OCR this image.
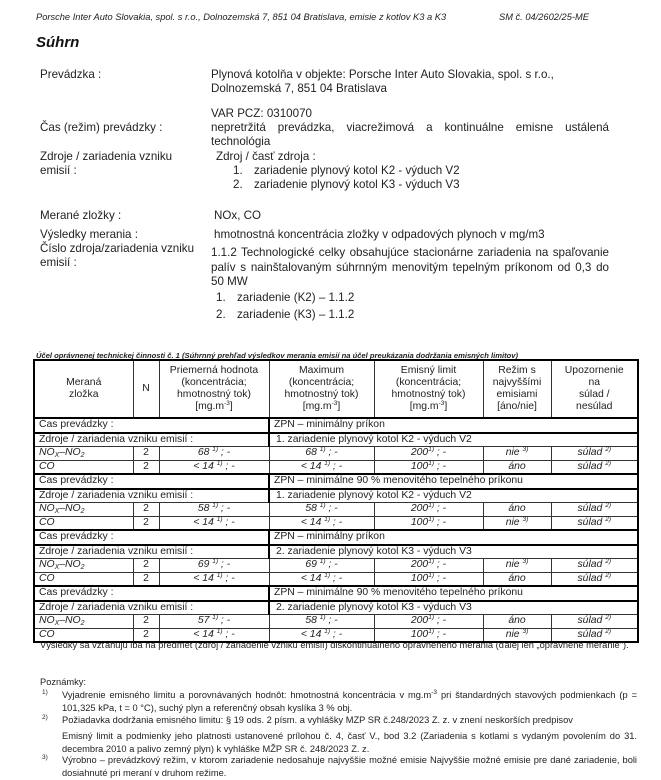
Porsche Inter Auto Slovakia, spol. s r.o., Dolnozemská 7, 851 04 Bratislava, emisie z kotlov K3 a K3	SM č. 04/2602/25-ME
Súhrn
Prevádzka :	Plynová kotolňa v objekte: Porsche Inter Auto Slovakia, spol. s r.o.,
Dolnozemská 7, 851 04 Bratislava
VAR PCZ: 0310070
Čas (režim) prevádzky :	nepretržitá prevádzka, viacrežimová a kontinuálne emisne ustálená technológia
Zdroje / zariadenia vzniku
emisií :
Zdroj / časť zdroja :
1. zariadenie plynový kotol K2 - výduch V2
2. zariadenie plynový kotol K3 - výduch V3
Merané zložky :	NOx, CO
Výsledky merania :	hmotnostná koncentrácia zložky v odpadových plynoch v mg/m3
Číslo zdroja/zariadenia vzniku
emisií :
1.1.2 Technologické celky obsahujúce stacionárne zariadenia na spaľovanie palív s nainštalovaným súhrnným menovitým tepelným príkonom od 0,3 do 50 MW
1. zariadenie (K2) – 1.1.2
2. zariadenie (K3) – 1.1.2
Účel oprávnenej technickej činnosti č. 1 (Súhrnný prehľad výsledkov merania emisií na účel preukázania dodržania emisných limitov)
Meraná
zložka	N	Priemerná hodnota
(koncentrácia;
hmotnostný tok)
$[mg.m^{-3}]$	Maximum
(koncentrácia;
hmotnostný tok)
$[mg.m^{-3}]$	Emisný limit
(koncentrácia;
hmotnostný tok)
$[mg.m^{-3}]$	Režim s
najvyššími
emisiami
[áno/nie]	Upozornenie
na
súlad /
nesúlad
Čas prevádzky :			ZPN – minimálny príkon			
Zdroje / zariadenia vzniku emisií :			1. zariadenie plynový kotol K2 - výduch V2			
$NO_X-NO_2$	2	68 $^{1)}$ ; -	68 $^{1)}$ ; -	200$^{1)}$ ; -	nie $^{3)}$	súlad $^{2)}$
CO	2	< 14 $^{1)}$ ; -	< 14 $^{1)}$ ; -	100$^{1)}$ ; -	áno	súlad $^{2)}$
Čas prevádzky :			ZPN – minimálne 90 % menovitého tepelného príkonu			
Zdroje / zariadenia vzniku emisií :			1. zariadenie plynový kotol K2 - výduch V2			
$NO_X-NO_2$	2	58 $^{1)}$ ; -	58 $^{1)}$ ; -	200$^{1)}$ ; -	áno	súlad $^{2)}$
CO	2	< 14 $^{1)}$ ; -	< 14 $^{1)}$ ; -	100$^{1)}$ ; -	nie $^{3)}$	súlad $^{2)}$
Čas prevádzky :			ZPN – minimálny príkon			
Zdroje / zariadenia vzniku emisií :			2. zariadenie plynový kotol K3 - výduch V3			
$NO_X-NO_2$	2	69 $^{1)}$ ; -	69 $^{1)}$ ; -	200$^{1)}$ ; -	nie $^{3)}$	súlad $^{2)}$
CO	2	< 14 $^{1)}$ ; -	< 14 $^{1)}$ ; -	100$^{1)}$ ; -	áno	súlad $^{2)}$
Čas prevádzky :			ZPN – minimálne 90 % menovitého tepelného príkonu			
Zdroje / zariadenia vzniku emisií :			2. zariadenie plynový kotol K3 - výduch V3			
$NO_X-NO_2$	2	57 $^{1)}$ ; -	58 $^{1)}$ ; -	200$^{1)}$ ; -	áno	súlad $^{2)}$
CO	2	< 14 $^{1)}$ ; -	< 14 $^{1)}$ ; -	100$^{1)}$ ; -	nie $^{3)}$	súlad $^{2)}$
Výsledky sa vzťahujú iba na predmet (zdroj / zariadenie vzniku emisií) diskontinuálneho oprávneného merania (ďalej len „oprávnené meranie").
Poznámky:
1) Vyjadrenie emisného limitu a porovnávaných hodnôt: hmotnostná koncentrácia v $mg.m^{-3}$ pri štandardných stavových podmienkach (p = 101,325 kPa, t = 0 °C), suchý plyn a referenčný obsah kyslíka 3 % obj.
2) Požiadavka dodržania emisného limitu: § 19 ods. 2 písm. a vyhlášky MZP SR č.248/2023 Z. z. v znení neskorších predpisov
Emisný limit a podmienky jeho platnosti ustanovené prílohou č. 4, časť V., bod 3.2 (Zariadenia s kotlami s vydaným povolením do 31. decembra 2010 a palivo zemný plyn) k vyhláške MŽP SR č. 248/2023 Z. z.
3) Výrobno – prevádzkový režim, v ktorom zariadenie nedosahuje najvyššie možné emisie Najvyššie možné emisie pre dané zariadenie, boli dosiahnuté pri meraní v druhom režime.
